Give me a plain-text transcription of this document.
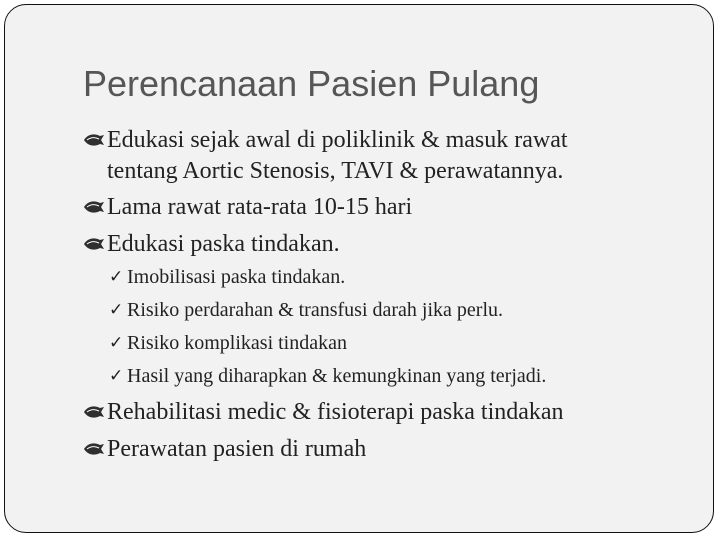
Perencanaan Pasien Pulang
Edukasi sejak awal di poliklinik & masuk rawat tentang Aortic Stenosis, TAVI & perawatannya.
Lama rawat rata-rata 10-15 hari
Edukasi paska tindakan.
✓ Imobilisasi paska tindakan.
✓ Risiko perdarahan & transfusi darah jika perlu.
✓ Risiko komplikasi tindakan
✓ Hasil yang diharapkan & kemungkinan yang terjadi.
Rehabilitasi medic & fisioterapi paska tindakan
Perawatan pasien di rumah
